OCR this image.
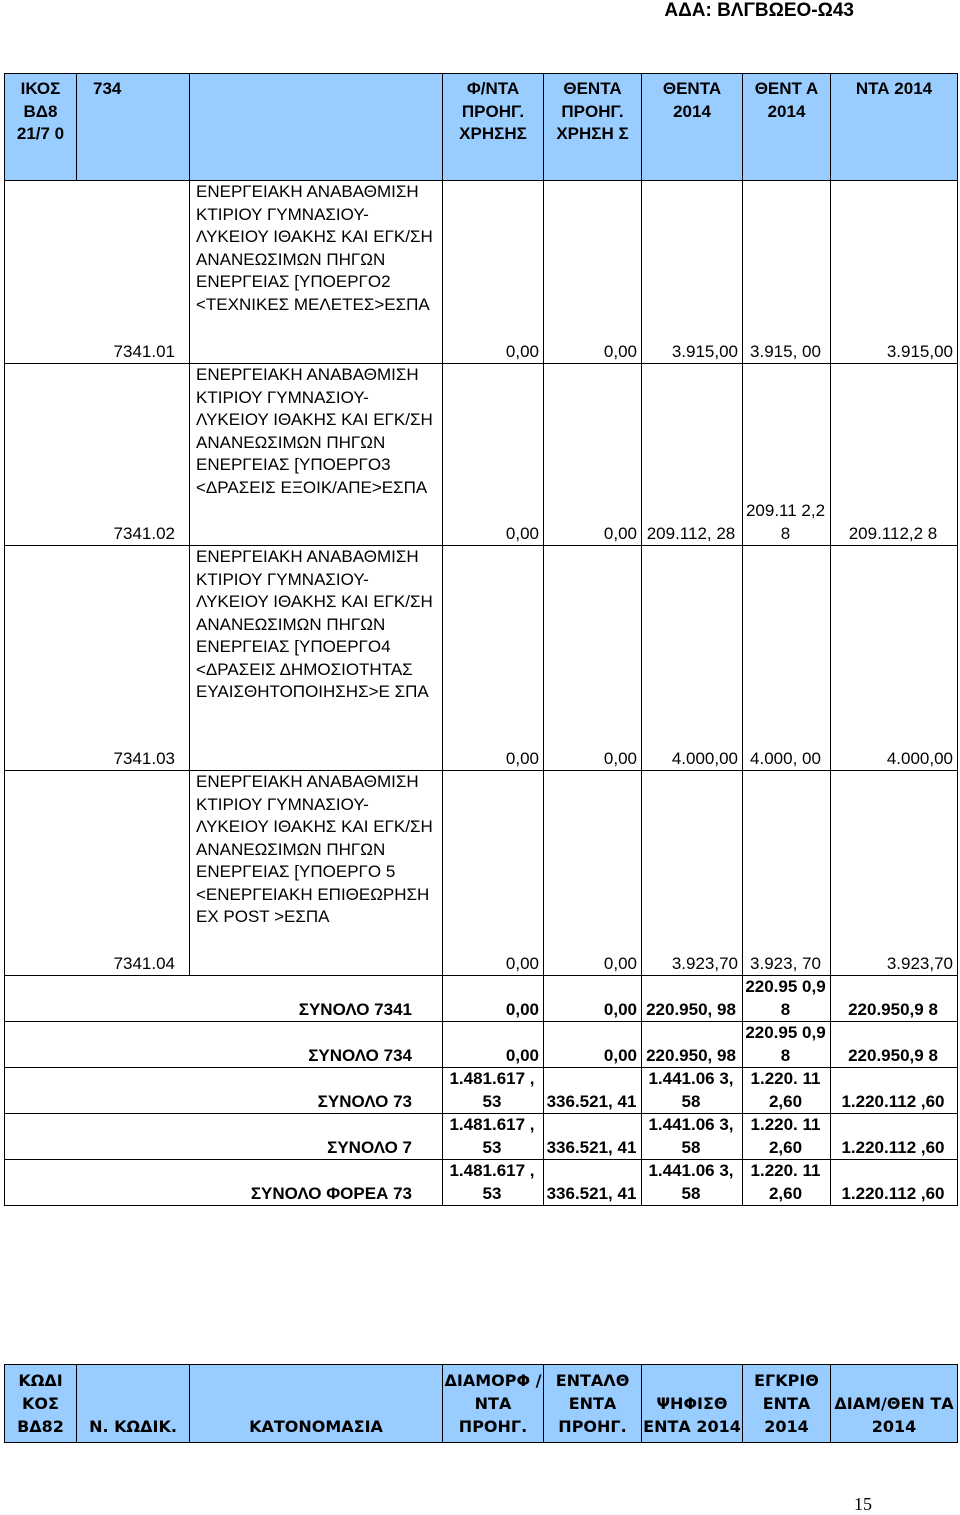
ΑΔΑ: ΒΛΓΒΩΕΟ-Ω43
ΙΚΟΣ ΒΔ8 21/7 0	734		Φ/ΝΤΑ ΠΡΟΗΓ. ΧΡΗΣΗΣ	ΘΕΝΤΑ ΠΡΟΗΓ. ΧΡΗΣΗ Σ	ΘΕΝΤΑ 2014	ΘΕΝΤ Α 2014	ΝΤΑ 2014
7341.01		ΕΝΕΡΓΕΙΑΚΗ ΑΝΑΒΑΘΜΙΣΗ ΚΤΙΡΙΟΥ ΓΥΜΝΑΣΙΟΥ-ΛΥΚΕΙΟΥ ΙΘΑΚΗΣ ΚΑΙ ΕΓΚ/ΣΗ ΑΝΑΝΕΩΣΙΜΩΝ ΠΗΓΩΝ ΕΝΕΡΓΕΙΑΣ [ΥΠΟΕΡΓΟ2 <ΤΕΧΝΙΚΕΣ ΜΕΛΕΤΕΣ>ΕΣΠΑ	0,00	0,00	3.915,00	3.915, 00	3.915,00
7341.02		ΕΝΕΡΓΕΙΑΚΗ ΑΝΑΒΑΘΜΙΣΗ ΚΤΙΡΙΟΥ ΓΥΜΝΑΣΙΟΥ-ΛΥΚΕΙΟΥ ΙΘΑΚΗΣ ΚΑΙ ΕΓΚ/ΣΗ ΑΝΑΝΕΩΣΙΜΩΝ ΠΗΓΩΝ ΕΝΕΡΓΕΙΑΣ [ΥΠΟΕΡΓΟ3 <ΔΡΑΣΕΙΣ ΕΞΟΙΚ/ΑΠΕ>ΕΣΠΑ	0,00	0,00	209.112, 28	209.11 2,28	209.112,2 8
7341.03		ΕΝΕΡΓΕΙΑΚΗ ΑΝΑΒΑΘΜΙΣΗ ΚΤΙΡΙΟΥ ΓΥΜΝΑΣΙΟΥ-ΛΥΚΕΙΟΥ ΙΘΑΚΗΣ ΚΑΙ ΕΓΚ/ΣΗ ΑΝΑΝΕΩΣΙΜΩΝ ΠΗΓΩΝ ΕΝΕΡΓΕΙΑΣ [ΥΠΟΕΡΓΟ4 <ΔΡΑΣΕΙΣ ΔΗΜΟΣΙΟΤΗΤΑΣ ΕΥΑΙΣΘΗΤΟΠΟΙΗΣΗΣ>Ε ΣΠΑ	0,00	0,00	4.000,00	4.000, 00	4.000,00
7341.04		ΕΝΕΡΓΕΙΑΚΗ ΑΝΑΒΑΘΜΙΣΗ ΚΤΙΡΙΟΥ ΓΥΜΝΑΣΙΟΥ-ΛΥΚΕΙΟΥ ΙΘΑΚΗΣ ΚΑΙ ΕΓΚ/ΣΗ ΑΝΑΝΕΩΣΙΜΩΝ ΠΗΓΩΝ ΕΝΕΡΓΕΙΑΣ [ΥΠΟΕΡΓΟ 5 <ΕΝΕΡΓΕΙΑΚΗ ΕΠΙΘΕΩΡΗΣΗ EX POST >ΕΣΠΑ	0,00	0,00	3.923,70	3.923, 70	3.923,70
ΣΥΝΟΛΟ 7341			0,00	0,00	220.950, 98	220.95 0,98	220.950,9 8
ΣΥΝΟΛΟ 734			0,00	0,00	220.950, 98	220.95 0,98	220.950,9 8
ΣΥΝΟΛΟ 73			1.481.617 ,53	336.521, 41	1.441.06 3,58	1.220. 112,60	1.220.112 ,60
ΣΥΝΟΛΟ 7			1.481.617 ,53	336.521, 41	1.441.06 3,58	1.220. 112,60	1.220.112 ,60
ΣΥΝΟΛΟ ΦΟΡΕΑ 73			1.481.617 ,53	336.521, 41	1.441.06 3,58	1.220. 112,60	1.220.112 ,60
ΚΩΔΙ ΚΟΣ ΒΔ82	Ν. ΚΩΔΙΚ.	ΚΑΤΟΝΟΜΑΣΙΑ	ΔΙΑΜΟΡΦ /ΝΤΑ ΠΡΟΗΓ.	ΕΝΤΑΛΘ ΕΝΤΑ ΠΡΟΗΓ.	ΨΗΦΙΣΘ ΕΝΤΑ 2014	ΕΓΚΡΙΘ ΕΝΤΑ 2014	ΔΙΑΜ/ΘΕΝ ΤΑ 2014
15
